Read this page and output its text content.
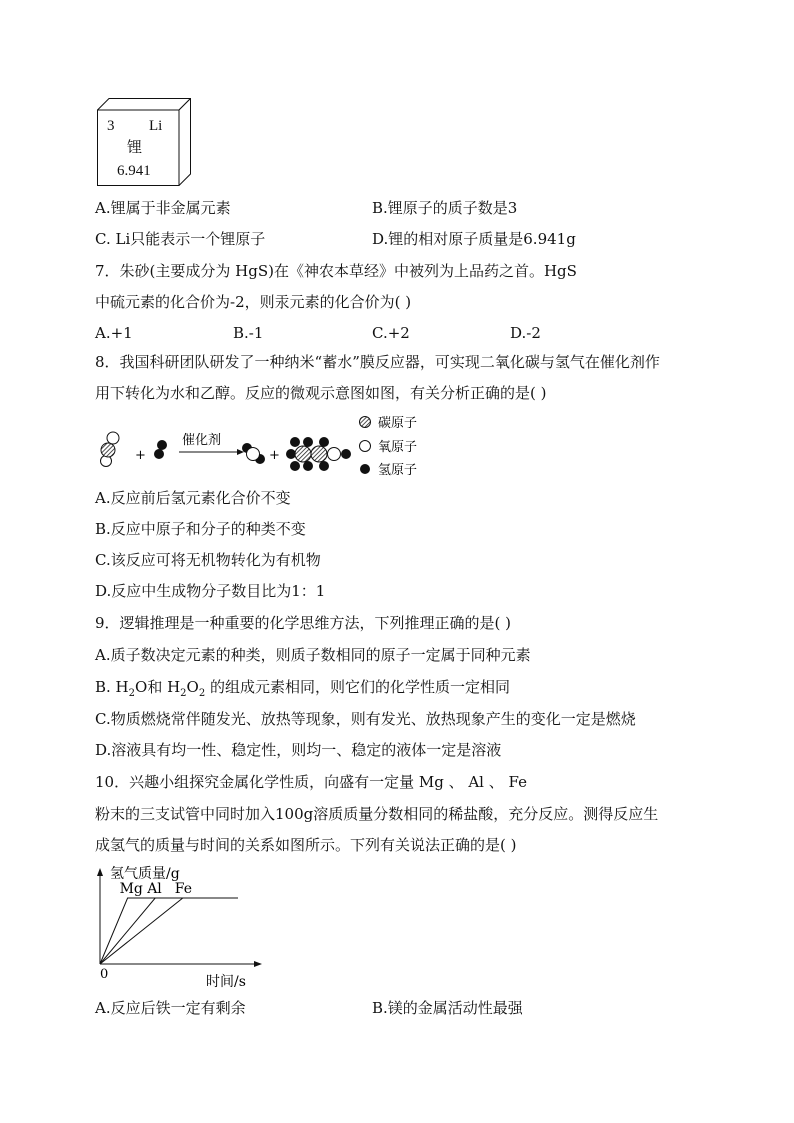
3 Li
锂
6.941
A.锂属于非金属元素	B.锂原子的质子数是3
C. Li只能表示一个锂原子	D.锂的相对原子质量是6.941g
7．朱砂(主要成分为 HgS)在《神农本草经》中被列为上品药之首。HgS
中硫元素的化合价为-2，则汞元素的化合价为( )
A.+1	B.-1	C.+2	D.-2
8．我国科研团队研发了一种纳米“蓄水”膜反应器，可实现二氧化碳与氢气在催化剂作
用下转化为水和乙醇。反应的微观示意图如图，有关分析正确的是( )
+
催化剂
+
碳原子
氧原子
氢原子
A.反应前后氢元素化合价不变
B.反应中原子和分子的种类不变
C.该反应可将无机物转化为有机物
D.反应中生成物分子数目比为1：1
9．逻辑推理是一种重要的化学思维方法，下列推理正确的是( )
A.质子数决定元素的种类，则质子数相同的原子一定属于同种元素
B. $H_2O$和 $H_2O_2$ 的组成元素相同，则它们的化学性质一定相同
C.物质燃烧常伴随发光、放热等现象，则有发光、放热现象产生的变化一定是燃烧
D.溶液具有均一性、稳定性，则均一、稳定的液体一定是溶液
10．兴趣小组探究金属化学性质，向盛有一定量 Mg 、 Al 、 Fe
粉末的三支试管中同时加入100g溶质质量分数相同的稀盐酸，充分反应。测得反应生
成氢气的质量与时间的关系如图所示。下列有关说法正确的是( )
氢气质量/g
时间/s
0
Mg Al Fe
A.反应后铁一定有剩余	B.镁的金属活动性最强
